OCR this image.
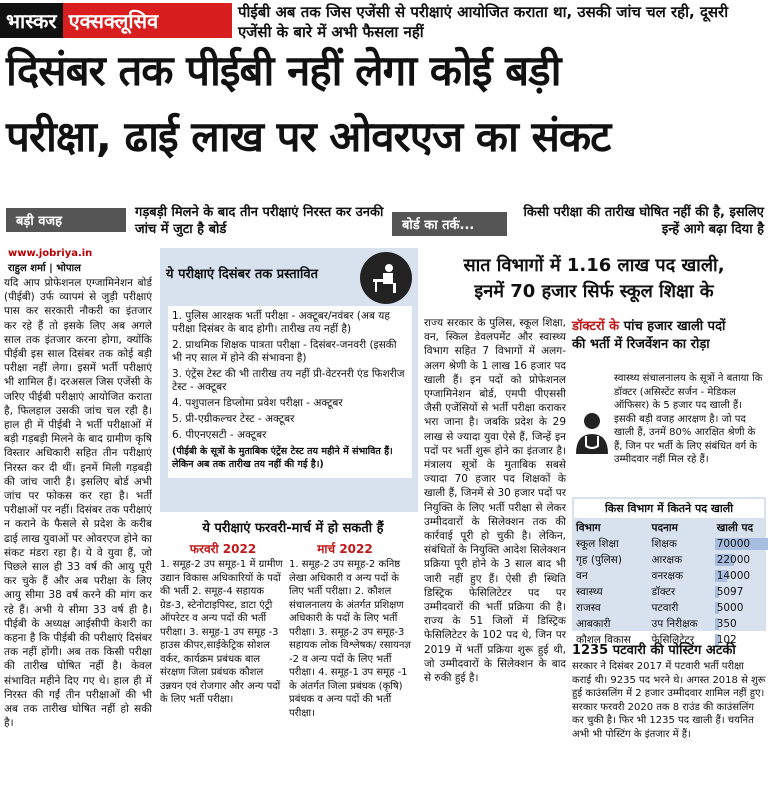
भास्कर एक्सक्लूसिव	पीईबी अब तक जिस एजेंसी से परीक्षाएं आयोजित कराता था, उसकी जांच चल रही, दूसरी एजेंसी के बारे में अभी फैसला नहीं
दिसंबर तक पीईबी नहीं लेगा कोई बड़ी
परीक्षा, ढाई लाख पर ओवरएज का संकट
बड़ी वजह
गड़बड़ी मिलने के बाद तीन परीक्षाएं निरस्त कर उनकी जांच में जुटा है बोर्ड	बोर्ड का तर्क...
किसी परीक्षा की तारीख घोषित नहीं की है, इसलिए इन्हें आगे बढ़ा दिया है
www.jobriya.in
राहुल शर्मा | भोपाल
यदि आप प्रोफेशनल एग्जामिनेशन बोर्ड (पीईबी) उर्फ व्यापमं से जुड़ी परीक्षाएं पास कर सरकारी नौकरी का इंतजार कर रहे हैं तो इसके लिए अब अगले साल तक इंतजार करना होगा, क्योंकि पीईबी इस साल दिसंबर तक कोई बड़ी परीक्षा नहीं लेगा। इसमें भर्ती परीक्षाएं भी शामिल हैं। दरअसल जिस एजेंसी के जरिए पीईबी परीक्षाएं आयोजित कराता है, फिलहाल उसकी जांच चल रही है। हाल ही में पीईबी ने भर्ती परीक्षाओं में बड़ी गड़बड़ी मिलने के बाद ग्रामीण कृषि विस्तार अधिकारी सहित तीन परीक्षाएं निरस्त कर दी थीं। इनमें मिली गड़बड़ी की जांच जारी है। इसलिए बोर्ड अभी जांच पर फोकस कर रहा है। भर्ती परीक्षाओं पर नहीं। दिसंबर तक परीक्षाएं न कराने के फैसले से प्रदेश के करीब ढाई लाख युवाओं पर ओवरएज होने का संकट मंडरा रहा है। ये वे युवा हैं, जो पिछले साल ही 33 वर्ष की आयु पूरी कर चुके हैं और अब परीक्षा के लिए आयु सीमा 38 वर्ष करने की मांग कर रहे हैं। अभी ये सीमा 33 वर्ष ही है। पीईबी के अध्यक्ष आईसीपी केशरी का कहना है कि पीईबी की परीक्षाएं दिसंबर तक नहीं होंगी। अब तक किसी परीक्षा की तारीख घोषित नहीं है। केवल संभावित महीने दिए गए थे। हाल ही में निरस्त की गईं तीन परीक्षाओं की भी अब तक तारीख घोषित नहीं हो सकी है।
ये परीक्षाएं दिसंबर तक प्रस्तावित

1. पुलिस आरक्षक भर्ती परीक्षा - अक्टूबर/नवंबर (अब यह परीक्षा दिसंबर के बाद होगी। तारीख तय नहीं है)

2. प्राथमिक शिक्षक पात्रता परीक्षा - दिसंबर-जनवरी (इसकी भी नए साल में होने की संभावना है)

3. एंट्रेंस टेस्ट की भी तारीख तय नहीं प्री-वेटरनरी एंड फिशरीज टेस्ट - अक्टूबर

4. पशुपालन डिप्लोमा प्रवेश परीक्षा - अक्टूबर

5. प्री-एग्रीकल्चर टेस्ट - अक्टूबर

6. पीएनएसटी - अक्टूबर

(पीईबी के सूत्रों के मुताबिक एंट्रेंस टेस्ट तय महीने में संभावित हैं। लेकिन अब तक तारीख तय नहीं की गई है।)

ये परीक्षाएं फरवरी-मार्च में हो सकती हैं
फरवरी 2022	मार्च 2022
1. समूह-2 उप समूह-1 में ग्रामीण उद्यान विकास अधिकारियों के पदों की भर्ती 2. समूह-4 सहायक ग्रेड-3, स्टेनोटाइपिस्ट, डाटा एंट्री ऑपरेटर व अन्य पदों की भर्ती परीक्षा। 3. समूह-1 उप समूह -3 हाउस कीपर,साईकेट्रिक सोशल वर्कर, कार्यक्रम प्रबंधक बाल संरक्षण जिला प्रबंधक कौशल उन्नयन एवं रोजगार और अन्य पदों के लिए भर्ती परीक्षा।
1. समूह-2 उप समूह-2 कनिष्ठ लेखा अधिकारी व अन्य पदों के लिए भर्ती परीक्षा। 2. कौशल संचालनालय के अंतर्गत प्रशिक्षण अधिकारी के पदों के लिए भर्ती परीक्षा। 3. समूह-2 उप समूह-3 सहायक लोक विश्लेषक/ रसायनज्ञ -2 व अन्य पदों के लिए भर्ती परीक्षा। 4. समूह-1 उप समूह -1 के अंतर्गत जिला प्रबंधक (कृषि) प्रबंधक व अन्य पदों की भर्ती परीक्षा।
सात विभागों में 1.16 लाख पद खाली,
इनमें 70 हजार सिर्फ स्कूल शिक्षा के
राज्य सरकार के पुलिस, स्कूल शिक्षा, वन, स्किल डेवलपमेंट और स्वास्थ्य विभाग सहित 7 विभागों में अलग-अलग श्रेणी के 1 लाख 16 हजार पद खाली हैं। इन पदों को प्रोफेशनल एग्जामिनेशन बोर्ड, एमपी पीएससी जैसी एजेंसियों से भर्ती परीक्षा कराकर भरा जाना है। जबकि प्रदेश के 29 लाख से ज्यादा युवा ऐसे हैं, जिन्हें इन पदों पर भर्ती शुरू होने का इंतजार है। मंत्रालय सूत्रों के मुताबिक सबसे ज्यादा 70 हजार पद शिक्षकों के खाली हैं, जिनमें से 30 हजार पदों पर नियुक्ति के लिए भर्ती परीक्षा से लेकर उम्मीदवारों के सिलेक्शन तक की कार्रवाई पूरी हो चुकी है। लेकिन, संबंधितों के नियुक्ति आदेश सिलेक्शन प्रक्रिया पूरी होने के 3 साल बाद भी जारी नहीं हुए हैं। ऐसी ही स्थिति डिस्ट्रिक फेसिलिटेटर पद पर उम्मीदवारों की भर्ती प्रक्रिया की है। राज्य के 51 जिलों में डिस्ट्रिक फेसिलिटेटर के 102 पद थे, जिन पर 2019 में भर्ती प्रक्रिया शुरू हुई थी, जो उम्मीदवारों के सिलेक्शन के बाद से रुकी हुई है।
डॉक्टरों के पांच हजार खाली पदों
की भर्ती में रिजर्वेशन का रोड़ा
स्वास्थ्य संचालनालय के सूत्रों ने बताया कि डॉक्टर (असिस्टेंट सर्जन - मेडिकल ऑफिसर) के 5 हजार पद खाली हैं। इसकी बड़ी वजह आरक्षण है। जो पद खाली हैं, उनमें 80% आरक्षित श्रेणी के हैं, जिन पर भर्ती के लिए संबंधित वर्ग के उम्मीदवार नहीं मिल रहे हैं।
किस विभाग में कितने पद खाली
विभाग	पदनाम	खाली पद
स्कूल शिक्षा	शिक्षक	70000
गृह (पुलिस)	आरक्षक	22000
वन	वनरक्षक	14000
स्वास्थ्य	डॉक्टर	5097
राजस्व	पटवारी	5000
आबकारी	उप निरीक्षक	350
कौशल विकास	फेसिलिटेटर	102
1235 पटवारी की पोस्टिंग अटकी
सरकार ने दिसंबर 2017 में पटवारी भर्ती परीक्षा कराई थी। 9235 पद भरने थे। अगस्त 2018 से शुरू हुई काउंसलिंग में 2 हजार उम्मीदवार शामिल नहीं हुए। सरकार फरवरी 2020 तक 8 राउंड की काउंसलिंग कर चुकी है। फिर भी 1235 पद खाली हैं। चयनित अभी भी पोस्टिंग के इंतजार में हैं।
